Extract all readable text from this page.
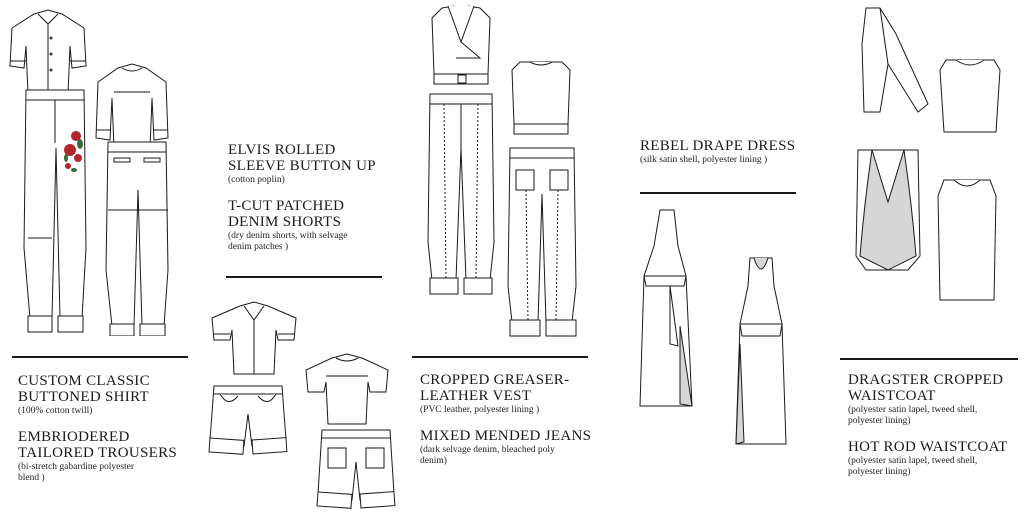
CUSTOM CLASSIC
BUTTONED SHIRT
(100% cotton twill)
EMBRIODERED
TAILORED TROUSERS
(bi-stretch gabardine polyester
blend )
ELVIS ROLLED
SLEEVE BUTTON UP
(cotton poplin)
T-CUT PATCHED
DENIM SHORTS
(dry denim shorts, with selvage
denim patches )
CROPPED GREASER-
LEATHER VEST
(PVC leather, polyester lining )
MIXED MENDED JEANS
(dark selvage denim, bleached poly
denim)
REBEL DRAPE DRESS
(silk satin shell, polyester lining )
DRAGSTER CROPPED
WAISTCOAT
(polyester satin lapel, tweed shell,
polyester lining)
HOT ROD WAISTCOAT
(polyester satin lapel, tweed shell,
polyester lining)
